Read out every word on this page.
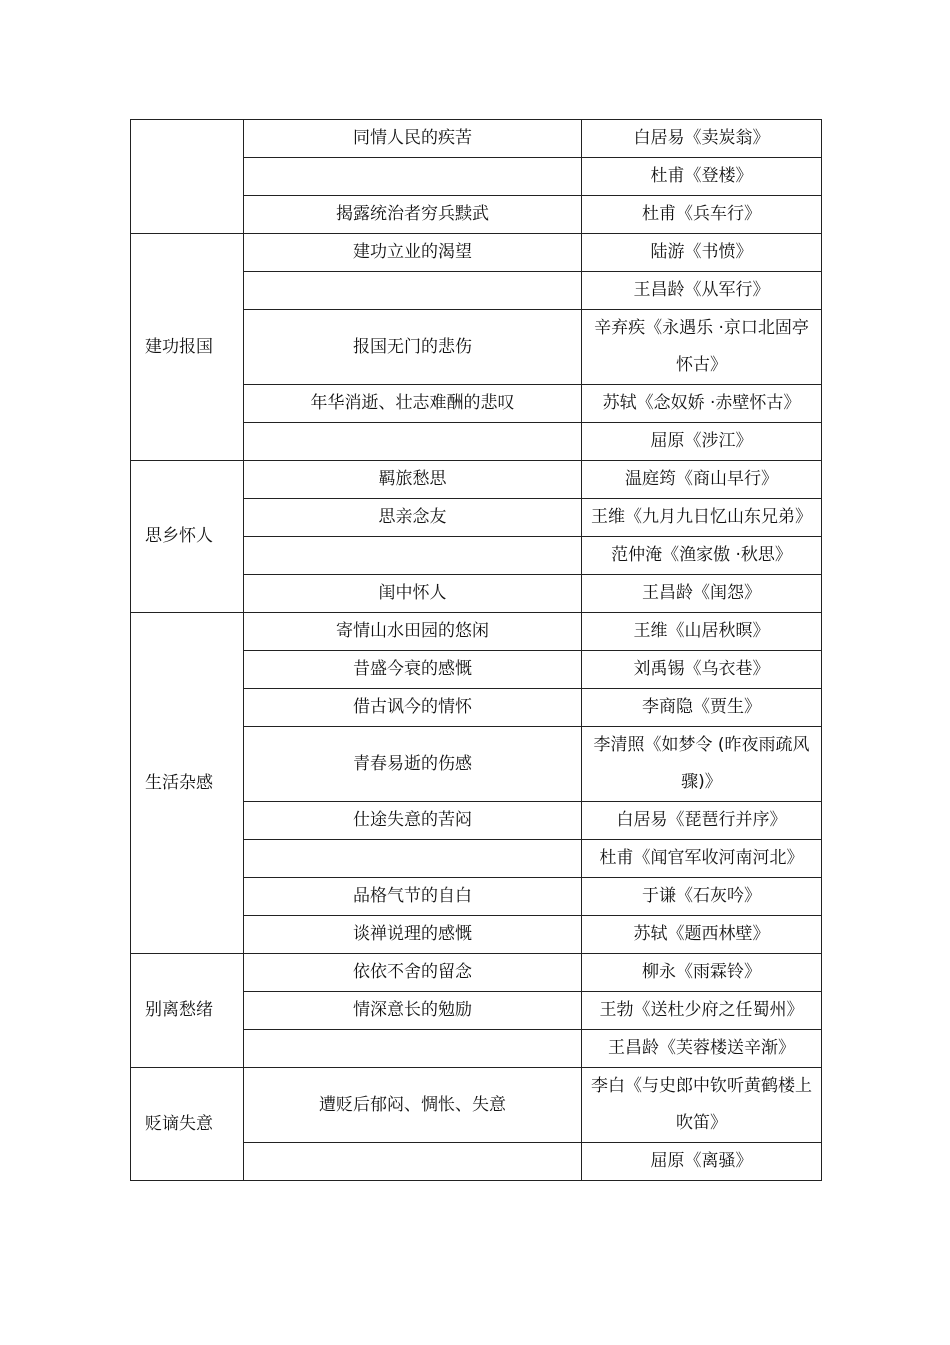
	同情人民的疾苦	白居易《卖炭翁》
		杜甫《登楼》
	揭露统治者穷兵黩武	杜甫《兵车行》
建功报国	建功立业的渴望	陆游《书愤》
		王昌龄《从军行》
	报国无门的悲伤	辛弃疾《永遇乐 ·京口北固亭怀古》
	年华消逝、壮志难酬的悲叹	苏轼《念奴娇 ·赤壁怀古》
		屈原《涉江》
思乡怀人	羁旅愁思	温庭筠《商山早行》
	思亲念友	王维《九月九日忆山东兄弟》
		范仲淹《渔家傲 ·秋思》
	闺中怀人	王昌龄《闺怨》
生活杂感	寄情山水田园的悠闲	王维《山居秋暝》
	昔盛今衰的感慨	刘禹锡《乌衣巷》
	借古讽今的情怀	李商隐《贾生》
	青春易逝的伤感	李清照《如梦令 (昨夜雨疏风骤)》
	仕途失意的苦闷	白居易《琵琶行并序》
		杜甫《闻官军收河南河北》
	品格气节的自白	于谦《石灰吟》
	谈禅说理的感慨	苏轼《题西林壁》
别离愁绪	依依不舍的留念	柳永《雨霖铃》
	情深意长的勉励	王勃《送杜少府之任蜀州》
		王昌龄《芙蓉楼送辛渐》
贬谪失意	遭贬后郁闷、惆怅、失意	李白《与史郎中钦听黄鹤楼上吹笛》
		屈原《离骚》
